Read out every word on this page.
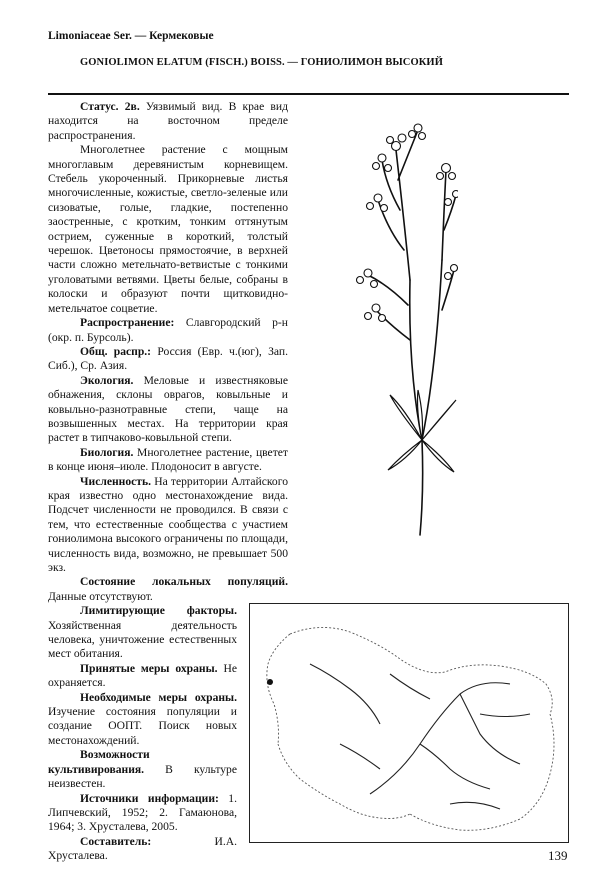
Limoniaceae Ser. — Кермековые
GONIOLIMON ELATUM (FISCH.) BOISS. — ГОНИОЛИМОН ВЫСОКИЙ

Статус. 2в. Уязвимый вид. В крае вид находится на восточном пределе распространения.

Многолетнее растение с мощным многоглавым деревянистым корневищем. Стебель укороченный. Прикорневые листья многочисленные, кожистые, светло-зеленые или сизоватые, голые, гладкие, постепенно заостренные, с кротким, тонким оттянутым острием, суженные в короткий, толстый черешок. Цветоносы прямостоячие, в верхней части сложно метельчато-ветвистые с тонкими уголоватыми ветвями. Цветы белые, собраны в колоски и образуют почти щитковидно-метельчатое соцветие.

Распространение: Славгородский р-н (окр. п. Бурсоль).

Общ. распр.: Россия (Евр. ч.(юг), Зап. Сиб.), Ср. Азия.

Экология. Меловые и известняковые обнажения, склоны оврагов, ковыльные и ковыльно-разнотравные степи, чаще на возвышенных местах. На территории края растет в типчаково-ковыльной степи.

Биология. Многолетнее растение, цветет в конце июня–июле. Плодоносит в августе.

Численность. На территории Алтайского края известно одно местонахождение вида. Подсчет численности не проводился. В связи с тем, что естественные сообщества с участием гониолимона высокого ограничены по площади, численность вида, возможно, не превышает 500 экз.

Состояние локальных популяций. Данные отсутствуют.

Лимитирующие факторы. Хозяйственная деятельность человека, уничтожение естественных мест обитания.

Принятые меры охраны. Не охраняется.

Необходимые меры охраны. Изучение состояния популяции и создание ООПТ. Поиск новых местонахождений.

Возможности культивирования. В культуре неизвестен.

Источники информации: 1. Липчевский, 1952; 2. Гамаюнова, 1964; 3. Хрусталева, 2005.

Составитель:	И.А. Хрусталева.	139
